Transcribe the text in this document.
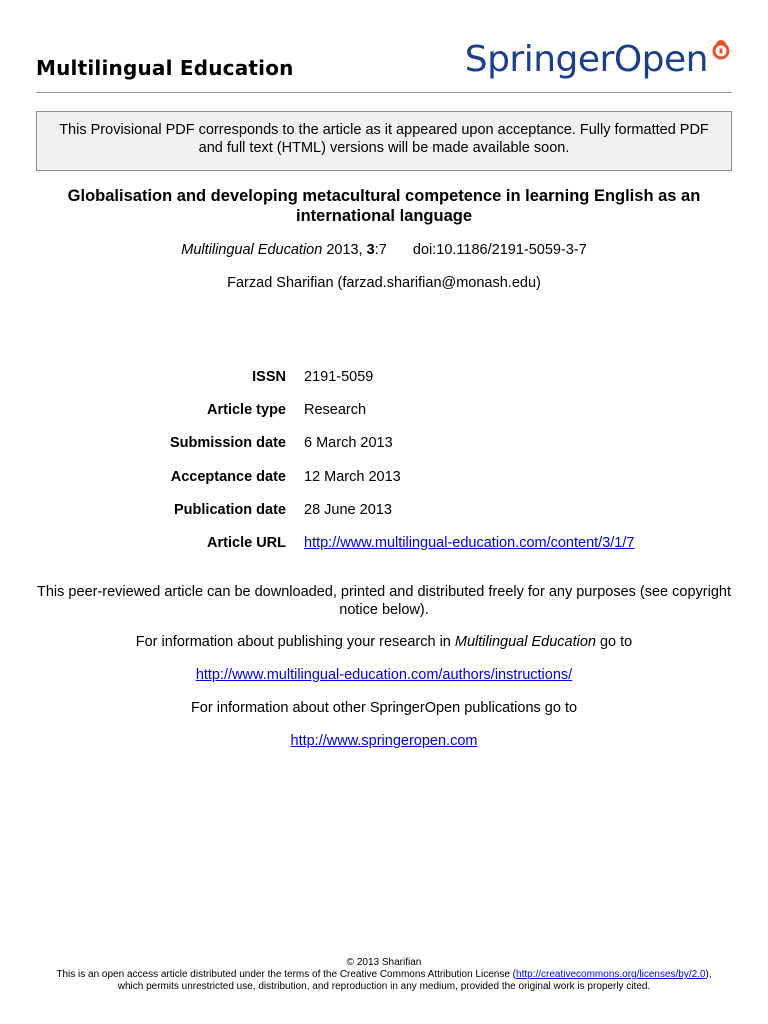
Multilingual Education	SpringerOpen
This Provisional PDF corresponds to the article as it appeared upon acceptance. Fully formatted PDF and full text (HTML) versions will be made available soon.
Globalisation and developing metacultural competence in learning English as an international language
Multilingual Education 2013, 3:7 doi:10.1186/2191-5059-3-7
Farzad Sharifian (farzad.sharifian@monash.edu)
ISSN 2191-5059
Article type Research
Submission date 6 March 2013
Acceptance date 12 March 2013
Publication date 28 June 2013
Article URL http://www.multilingual-education.com/content/3/1/7
This peer-reviewed article can be downloaded, printed and distributed freely for any purposes (see copyright notice below).
For information about publishing your research in Multilingual Education go to
http://www.multilingual-education.com/authors/instructions/
For information about other SpringerOpen publications go to
http://www.springeropen.com
© 2013 Sharifian
This is an open access article distributed under the terms of the Creative Commons Attribution License (http://creativecommons.org/licenses/by/2.0),
which permits unrestricted use, distribution, and reproduction in any medium, provided the original work is properly cited.
